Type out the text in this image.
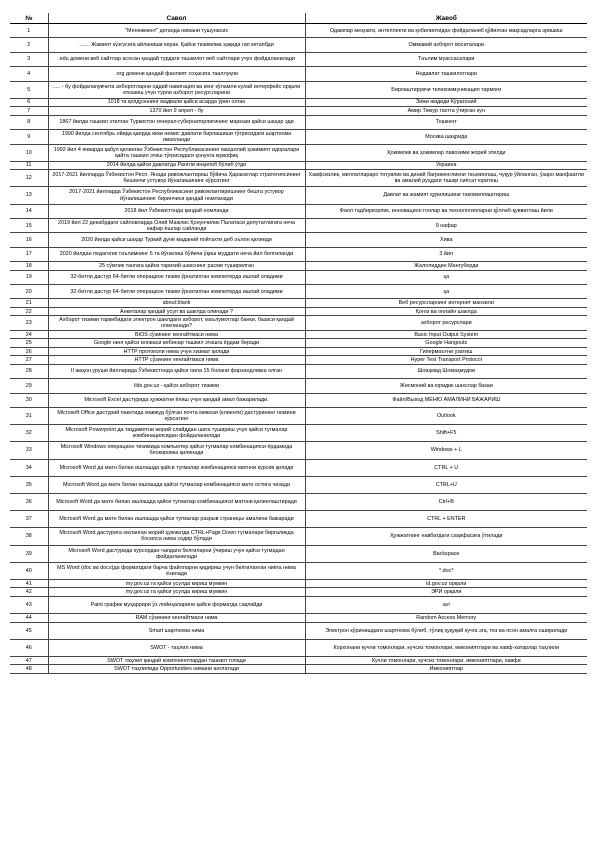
№	Савол	Жавоб
1	"Менежмент" деганда нимани тушунасиз	Одамлар меҳнати, интеллекти ва қобилиятидан фойдаланиб қўйилган мақсадларга эришиш
2	....... Жамият кўзгусига айланиши керак. Қайси тизимлма ҳақида гап кетаябди	Оммавий ахборот воситалари
3	.edu домени веб сайтлар асосан қандай турдаги ташкилот веб сайтлари учун фойдаланилади	Таълим муассасалари
4	.org домени қандай фаолият соҳасига тааллуқли	Нодавлат ташкилотлари
5	..... - бу фойдаланувчита ахборотларни оддий навигация ва кенг кўламли кулай интерфейс орқали етказиш учун турли ахборот ресурсларини	Бирлаштирувчи телекоммуникация тармоғи
6	1018 та қолдуэннинг мадвали қайси асарда ўрин олган	Зижи жадиди Кўрагоний
7	1370 йил 9 апрел - бу	Амир Темур таxтга ўтирган кун
8	1867 йилда ташкил этилган Туркистон генерал-губернаторлигининг маркази қайси шаҳар эди	Тошкент
9	1990 йилда сентябрь ойида қаерда икки немис давлати бирлашиши тўғрисидаги шартнома имзоланди	Москва шаҳрида
10	1992 йил 4 январда қабул қилинган Ўзбекистон Республикасининг маҳаллий ҳокимият идоралари қайта ташкил этиш тўғрисидаги қонунга мувофиқ	Ҳокимлик ва ҳокимлар лавозими жорий этилди
11	2014 йилда қайси давлатда Рангли инқилоб бўлиб ўтди	Украина
12	2017-2021 йилларда Ўзбекистон Респ. Янада ривожлантириш бўйича Ҳаракатлар стратегиясининг бешинчи устувор йўналишининг кўрсатинг	Хавфсизлик, миллатлараро тотувлик ва диний бағрикенгликни таъминлаш, чуқур ўйланган, ўзаро манфаатли ва амалий руҳдаги ташқи сиёсат юритиш
13	2017-2021 йилларда Ўзбекистон Республикасини ривожлантиришнинг бешта устувор йўналишининг биринчиси қандай номланади	Давлат ва жамият қурилишини такомиллаштириш
14	2018 йил Ўзбекистонда қандай номланди	Фаол тадбиркорлик, инновацион ғоялар ва технологияларни қўллаб-қувватлаш йили
15	2019 йил 22 декабрдаги сайловларда Олий Мажлис Қонунчилик Палатаси депутатлигига неча нафар ёшлар сайланди	9 нафар
16	2020 йилда қайси шаҳар Туркий дунё маданий пойтахти деб эълон қилинди	Хива
17	2020 йилдан педагогик таълимнинг 6 та йўналиш бўйича ўқиш муддати неча йил белгиланди	3 йил
18	25 сўмлик тангага қайси тарихий шахснинг расми туширилган	Жалолиддин Мангуберди
19	32-битли дастур 64-битли операцион тизим ўрнатилган компютерда ишлай оладими	ҳа
20	32-битли дастур 64-битли операцион тизим ўрнатилган компютерда ишлай оладими	ҳа
21	about:blank	Веб ресурсларнинг интернет манзили
22	Анкеталар қандай усул ва шаклда олинади ?	Қоғоз ва онлайн шаклда
23	Ахборот тизими таркибидаги электрон шаклдаги ахборот, маълумотлар банки, базаси қандай номланади?	ахборот ресурслари
24	BIOS сўзининг кенгайтмаси нима	Basic Input Output System
25	Google нинг қайси иловаси вебинар ташкил этишга ёрдам беради	Google Hangouts
26	HTTP протоколи нима учун хизмат қилади	Гипермаътни узатиш
27	HTTP сўзининг кенгайтмаси нима	Hyper Text Transport Protocol
28	II жаҳон уруши йилларида Ўзбекистонда қайси оила 15 болани фарзандликка олган	Шоаҳмад Шомаҳмудов
29	ilds.gov.uz - қайси ахборот тизими	Жисмоний ва юридик шахслар базаи
30	Microsoft Excel дастурида ҳужжатни ёпиш учун қандай амал бажарилади.	Файл/Выход МЕНЮ АМАЛИНИ БАЖАРИШ
31	Microsoft Office дастурий пакетида мавжуд бўлган почта мижози (клиенти) дастурининг номини кўрсатинг	Outlook
32	Microsoft Powerpoint да тақдимотни жорий слайддан шига тушириш учун қайси тугмалар комбинациясидан фойдаланилади	Shift+F5
33	Microsoft Windows операцион тизимида компьютер қайси тугмалар комбинацияси ёрдамида блокировка қилинади	Windows + L
34	Microsoft Word да матн билан ишлашда қайси тугмалар комбинацияси матнни курсив қилади	CTRL + U
35	Microsoft Word да матн билан ишлашда қайси тугмалар комбинацияси матн остига чизади	CTRL+U
36	Microsoft Word да матн билан ишлашда қайси тугмалар комбинацияси матнни қалинлаштиради	Ctrl+B
37	Microsoft Word да матн билан ишлашда қайси тугмалар разрыв страницы амалини бажаради	CTRL + ENTER
38	Microsoft Word дастурига юкланган жорий ҳужжатда CTRL+Page Down тугмалари биргаликда босилса нима содир бўлади	Ҳужжатнинг навбатдаги саҳифасига ўтилади
39	Microsoft Word дастурида курсордан чапдаги белгиларни ўчириш учун қайси тугмадан фойдаланилади	Backspace
40	MS Word (doc ва docx)да форматдаги барча файлларни қидириш учун белгиланган ниёга нима ёзилади	*.doc*
41	my.gov.uz га қайси усулда кириш мумкин	id.gov.uz орқали
42	my.gov.uz га қайси усулда кириш мумкин	ЭРИ орқали
43	Paint график муҳаррири ўз лойиҳаларини қайси форматда сақлайди	avi
44	RAM сўзининг кенгайтмаси нима	Random Access Memory
45	Smart шартнома нима	Электрон кўринишдаги шартнома бўлиб, тўлиқ ҳуқуқий кучга эга, тез ва осон амалга оширилади
46	SWOT - таҳлил нима	Корхонани кучли томонлари, кучсиз томонлари, имкониятлари ва хавф-хатарлар таҳлили
47	SWOT таҳлил қандай компонентлардан ташкил топади	Кучли томонлари, кучсиз томонлари, имкониятлари, хавфи
48	SWOT таҳлилида Opportunities нимани англатади	Имкониятлар
